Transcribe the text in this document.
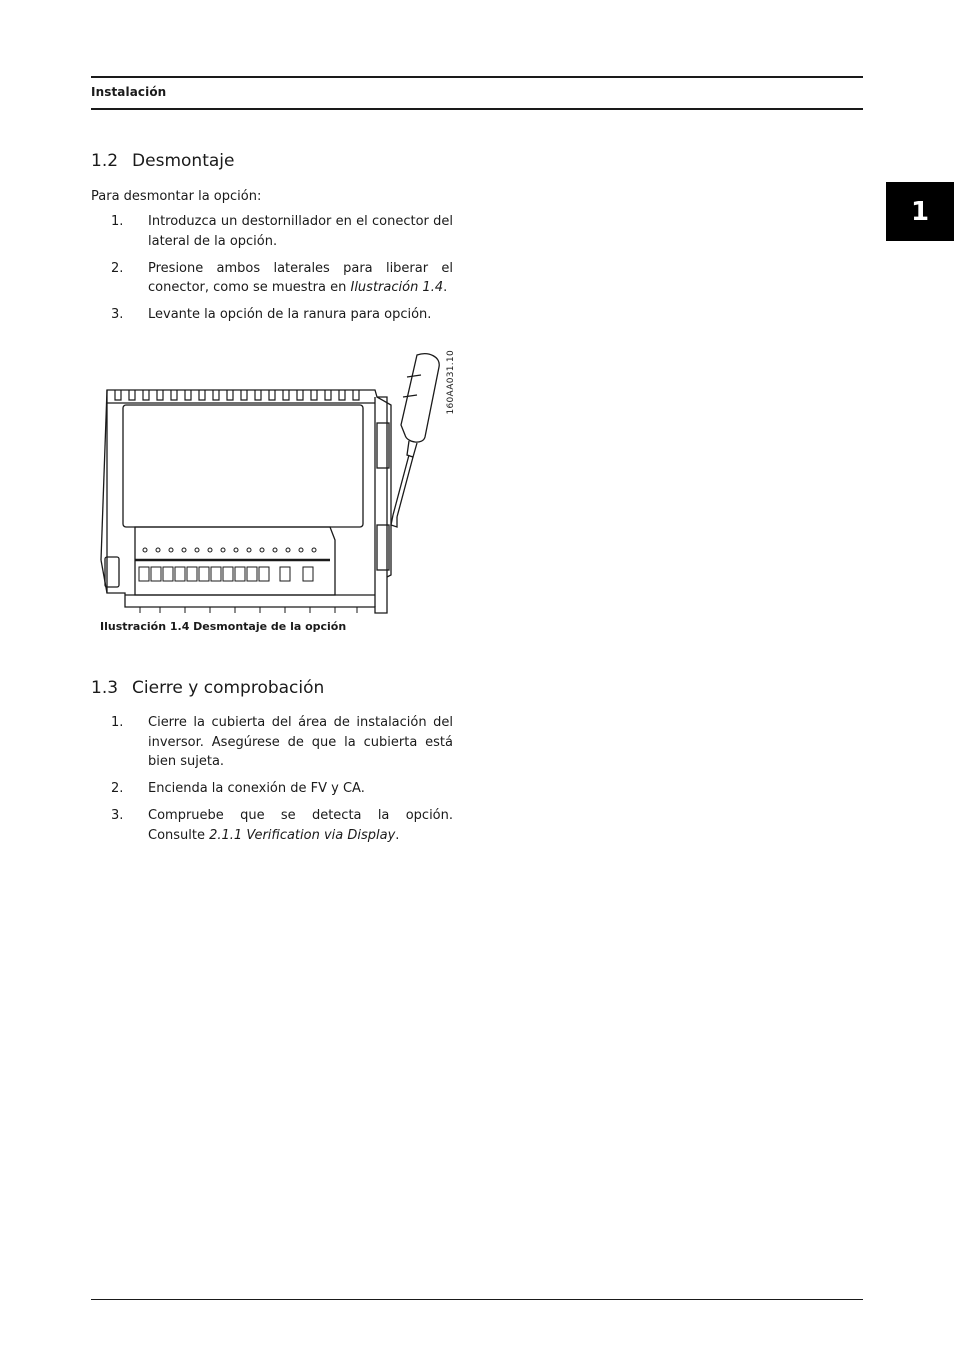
Instalación
1
1.2 Desmontaje
Para desmontar la opción:
1.	Introduzca un destornillador en el conector del lateral de la opción.
2.	Presione ambos laterales para liberar el conector, como se muestra en Ilustración 1.4.
3.	Levante la opción de la ranura para opción.
160AA031.10
Ilustración 1.4 Desmontaje de la opción
1.3 Cierre y comprobación
1.	Cierre la cubierta del área de instalación del inversor. Asegúrese de que la cubierta está bien sujeta.
2.	Encienda la conexión de FV y CA.
3.	Compruebe que se detecta la opción. Consulte 2.1.1 Verification via Display.
